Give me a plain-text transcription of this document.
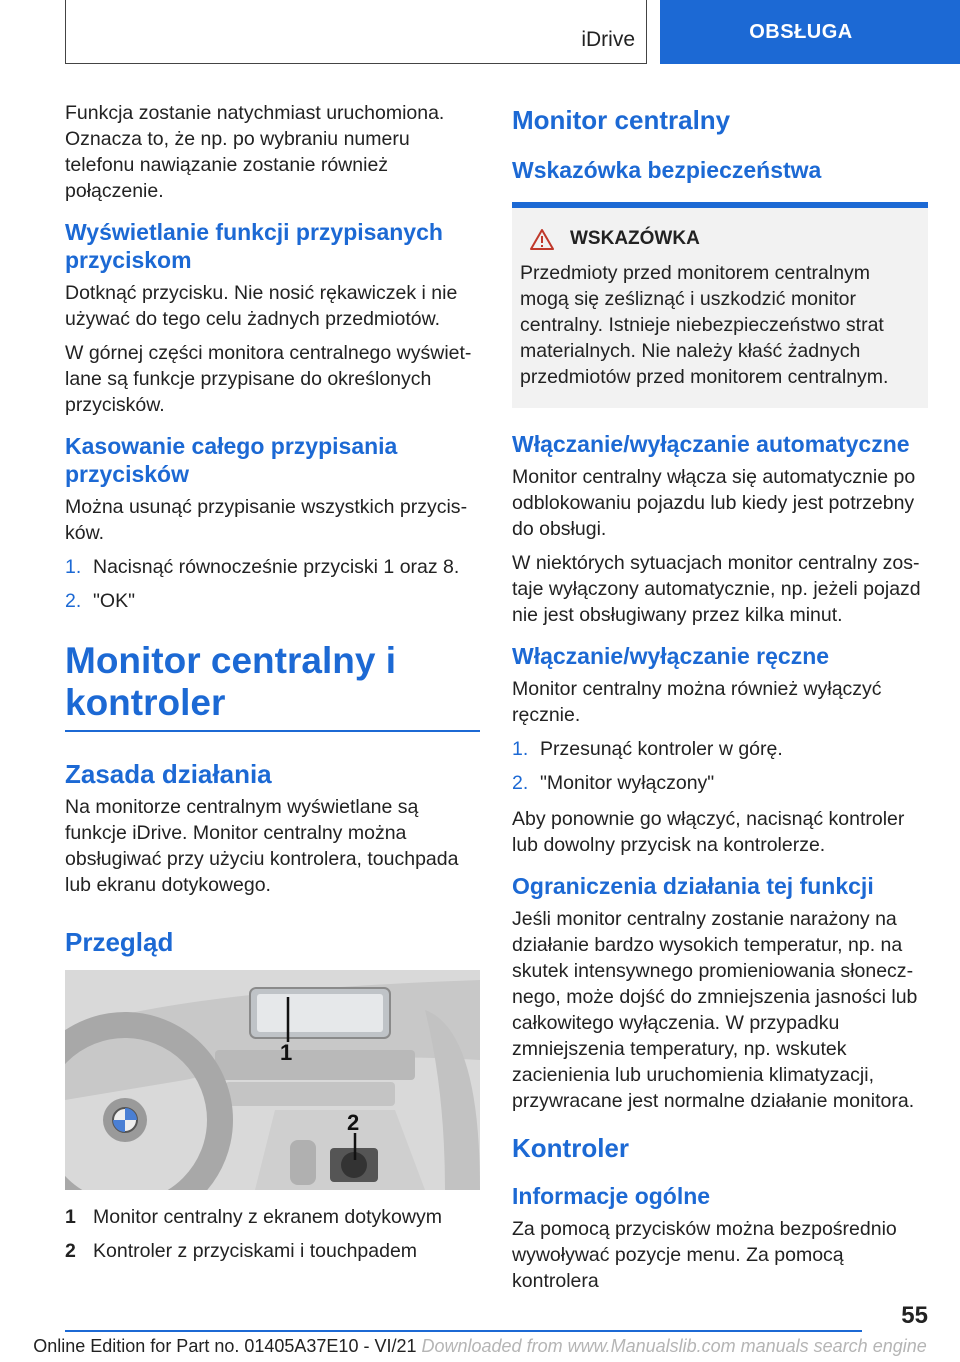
iDrive	OBSŁUGA

Funkcja zostanie natychmiast uruchomiona. Oznacza to, że np. po wybraniu numeru telefonu nawiązanie zostanie również połączenie.

Wyświetlanie funkcji przypisanych przyciskom

Dotknąć przycisku. Nie nosić rękawiczek i nie używać do tego celu żadnych przedmiotów.

W górnej części monitora centralnego wyświetlane są funkcje przypisane do określonych przycisków.

Kasowanie całego przypisania przycisków

Można usunąć przypisanie wszystkich przycisków.

1. Nacisnąć równocześnie przyciski 1 oraz 8.
2. "OK"
Monitor centralny i kontroler
Zasada działania

Na monitorze centralnym wyświetlane są funkcje iDrive. Monitor centralny można obsługiwać przy użyciu kontrolera, touchpada lub ekranu dotykowego.

Przegląd
1
2
1 Monitor centralny z ekranem dotykowym
2 Kontroler z przyciskami i touchpadem
Monitor centralny
Wskazówka bezpieczeństwa
WSKAZÓWKA

Przedmioty przed monitorem centralnym mogą się ześliznąć i uszkodzić monitor centralny. Istnieje niebezpieczeństwo strat materialnych. Nie należy kłaść żadnych przedmiotów przed monitorem centralnym.

Włączanie/wyłączanie automatyczne

Monitor centralny włącza się automatycznie po odblokowaniu pojazdu lub kiedy jest potrzebny do obsługi.

W niektórych sytuacjach monitor centralny zostaje wyłączony automatycznie, np. jeżeli pojazd nie jest obsługiwany przez kilka minut.

Włączanie/wyłączanie ręczne

Monitor centralny można również wyłączyć ręcznie.

1. Przesunąć kontroler w górę.
2. "Monitor wyłączony"

Aby ponownie go włączyć, nacisnąć kontroler lub dowolny przycisk na kontrolerze.

Ograniczenia działania tej funkcji

Jeśli monitor centralny zostanie narażony na działanie bardzo wysokich temperatur, np. na skutek intensywnego promieniowania słonecznego, może dojść do zmniejszenia jasności lub całkowitego wyłączenia. W przypadku zmniejszenia temperatury, np. wskutek zacienienia lub uruchomienia klimatyzacji, przywracane jest normalne działanie monitora.

Kontroler
Informacje ogólne

Za pomocą przycisków można bezpośrednio wywoływać pozycje menu. Za pomocą kontrolera

55
Online Edition for Part no. 01405A37E10 - VI/21 Downloaded from www.Manualslib.com manuals search engine
